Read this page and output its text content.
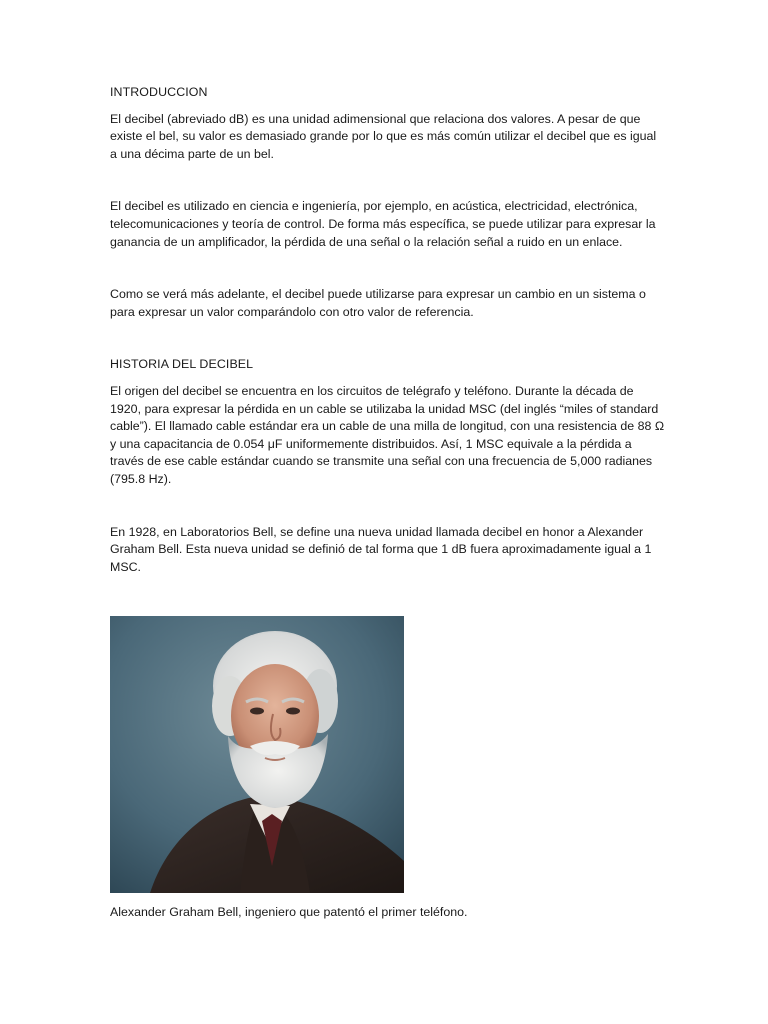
INTRODUCCION

El decibel (abreviado dB) es una unidad adimensional que relaciona dos valores. A pesar de que existe el bel, su valor es demasiado grande por lo que es más común utilizar el decibel que es igual a una décima parte de un bel.

El decibel es utilizado en ciencia e ingeniería, por ejemplo, en acústica, electricidad, electrónica, telecomunicaciones y teoría de control. De forma más específica, se puede utilizar para expresar la ganancia de un amplificador, la pérdida de una señal o la relación señal a ruido en un enlace.

Como se verá más adelante, el decibel puede utilizarse para expresar un cambio en un sistema o para expresar un valor comparándolo con otro valor de referencia.

HISTORIA DEL DECIBEL

El origen del decibel se encuentra en los circuitos de telégrafo y teléfono. Durante la década de 1920, para expresar la pérdida en un cable se utilizaba la unidad MSC (del inglés “miles of standard cable”). El llamado cable estándar era un cable de una milla de longitud, con una resistencia de 88 Ω y una capacitancia de 0.054 μF uniformemente distribuidos. Así, 1 MSC equivale a la pérdida a través de ese cable estándar cuando se transmite una señal con una frecuencia de 5,000 radianes (795.8 Hz).

En 1928, en Laboratorios Bell, se define una nueva unidad llamada decibel en honor a Alexander Graham Bell. Esta nueva unidad se definió de tal forma que 1 dB fuera aproximadamente igual a 1 MSC.

Alexander Graham Bell, ingeniero que patentó el primer teléfono.
